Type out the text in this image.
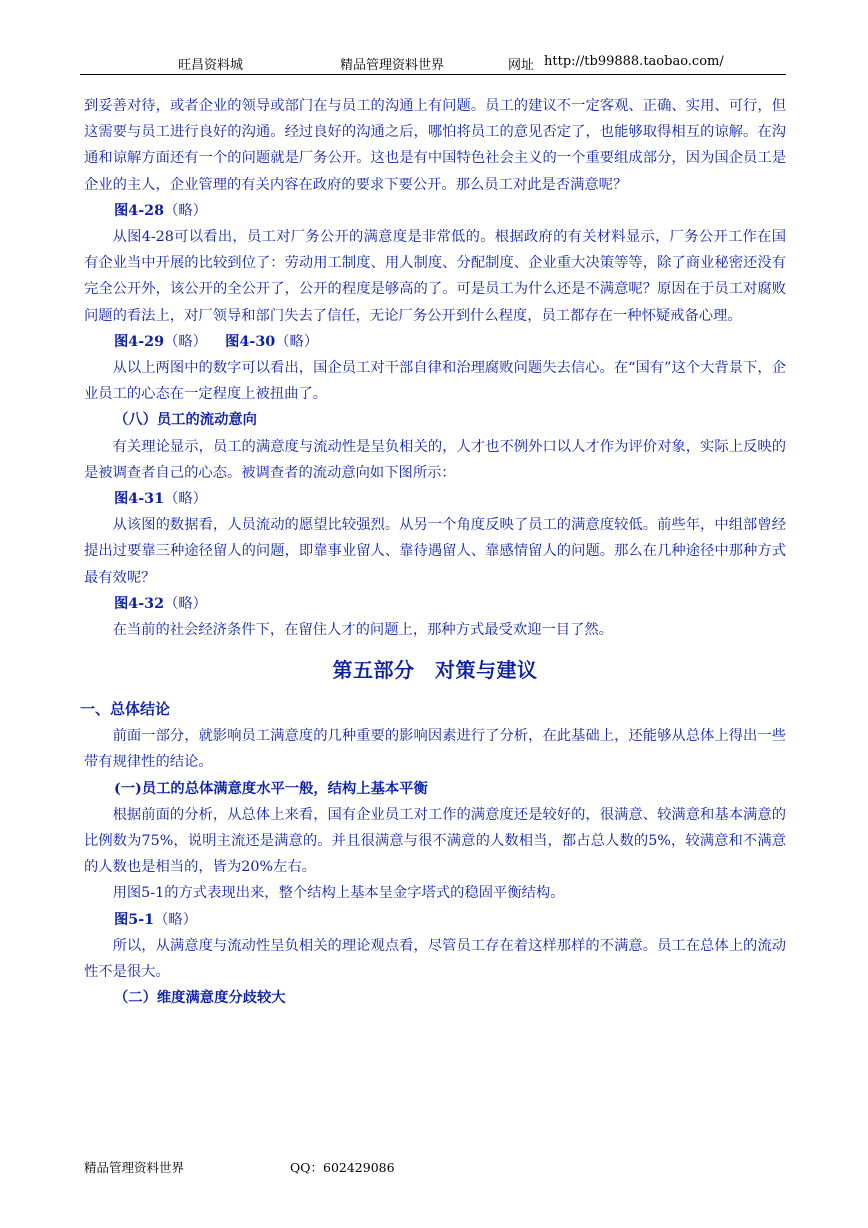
旺昌资料城	精品管理资料世界	网址 http://tb99888.taobao.com/

到妥善对待，或者企业的领导或部门在与员工的沟通上有问题。员工的建议不一定客观、正确、实用、可行，但这需要与员工进行良好的沟通。经过良好的沟通之后，哪怕将员工的意见否定了，也能够取得相互的谅解。在沟通和谅解方面还有一个的问题就是厂务公开。这也是有中国特色社会主义的一个重要组成部分，因为国企员工是企业的主人，企业管理的有关内容在政府的要求下要公开。那么员工对此是否满意呢？

图4-28（略）

从图4-28可以看出，员工对厂务公开的满意度是非常低的。根据政府的有关材料显示，厂务公开工作在国有企业当中开展的比较到位了：劳动用工制度、用人制度、分配制度、企业重大决策等等，除了商业秘密还没有完全公开外，该公开的全公开了，公开的程度是够高的了。可是员工为什么还是不满意呢？原因在于员工对腐败问题的看法上，对厂领导和部门失去了信任，无论厂务公开到什么程度，员工都存在一种怀疑戒备心理。

图4-29（略） 图4-30（略）

从以上两图中的数字可以看出，国企员工对干部自律和治理腐败问题失去信心。在“国有”这个大背景下，企业员工的心态在一定程度上被扭曲了。

（八）员工的流动意向

有关理论显示，员工的满意度与流动性是呈负相关的，人才也不例外口以人才作为评价对象，实际上反映的是被调查者自己的心态。被调查者的流动意向如下图所示：

图4-31（略）

从该图的数据看，人员流动的愿望比较强烈。从另一个角度反映了员工的满意度较低。前些年，中组部曾经提出过要靠三种途径留人的问题，即靠事业留人、靠待遇留人、靠感情留人的问题。那么在几种途径中那种方式最有效呢？

图4-32（略）

在当前的社会经济条件下，在留住人才的问题上，那种方式最受欢迎一目了然。

第五部分　对策与建议
一、总体结论

前面一部分，就影响员工满意度的几种重要的影响因素进行了分析，在此基础上，还能够从总体上得出一些带有规律性的结论。

(一)员工的总体满意度水平一般，结构上基本平衡

根据前面的分析，从总体上来看，国有企业员工对工作的满意度还是较好的，很满意、较满意和基本满意的比例数为75%，说明主流还是满意的。并且很满意与很不满意的人数相当，都占总人数的5%，较满意和不满意的人数也是相当的，皆为20%左右。

用图5-1的方式表现出来，整个结构上基本呈金字塔式的稳固平衡结构。

图5-1（略）

所以，从满意度与流动性呈负相关的理论观点看，尽管员工存在着这样那样的不满意。员工在总体上的流动性不是很大。

（二）维度满意度分歧较大

精品管理资料世界	QQ：602429086
